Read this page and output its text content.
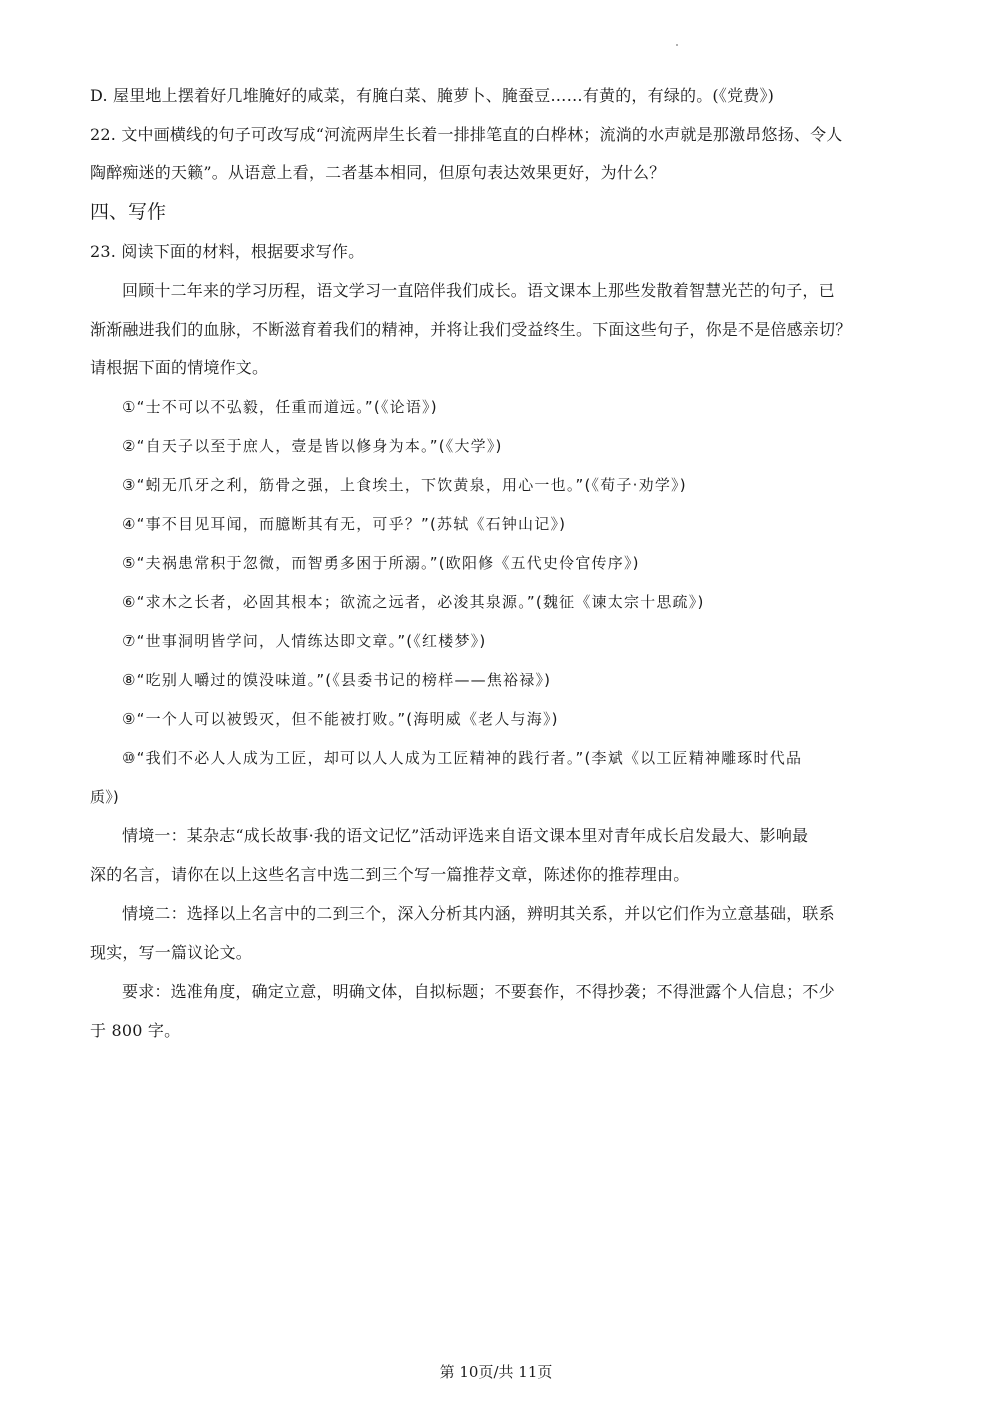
D. 屋里地上摆着好几堆腌好的咸菜，有腌白菜、腌萝卜、腌蚕豆……有黄的，有绿的。(《党费》)
22. 文中画横线的句子可改写成“河流两岸生长着一排排笔直的白桦林；流淌的水声就是那激昂悠扬、令人
陶醉痴迷的天籁”。从语意上看，二者基本相同，但原句表达效果更好，为什么？
四、写作
23. 阅读下面的材料，根据要求写作。
回顾十二年来的学习历程，语文学习一直陪伴我们成长。语文课本上那些发散着智慧光芒的句子，已
渐渐融进我们的血脉，不断滋育着我们的精神，并将让我们受益终生。下面这些句子，你是不是倍感亲切？
请根据下面的情境作文。
①“士不可以不弘毅，任重而道远。”(《论语》)
②“自天子以至于庶人，壹是皆以修身为本。”(《大学》)
③“蚓无爪牙之利，筋骨之强，上食埃土，下饮黄泉，用心一也。”(《荀子·劝学》)
④“事不目见耳闻，而臆断其有无，可乎？”(苏轼《石钟山记》)
⑤“夫祸患常积于忽微，而智勇多困于所溺。”(欧阳修《五代史伶官传序》)
⑥“求木之长者，必固其根本；欲流之远者，必浚其泉源。”(魏征《谏太宗十思疏》)
⑦“世事洞明皆学问，人情练达即文章。”(《红楼梦》)
⑧“吃别人嚼过的馍没味道。”(《县委书记的榜样——焦裕禄》)
⑨“一个人可以被毁灭，但不能被打败。”(海明威《老人与海》)
⑩“我们不必人人成为工匠，却可以人人成为工匠精神的践行者。”(李斌《以工匠精神雕琢时代品
质》)
情境一：某杂志“成长故事·我的语文记忆”活动评选来自语文课本里对青年成长启发最大、影响最
深的名言，请你在以上这些名言中选二到三个写一篇推荐文章，陈述你的推荐理由。
情境二：选择以上名言中的二到三个，深入分析其内涵，辨明其关系，并以它们作为立意基础，联系
现实，写一篇议论文。
要求：选准角度，确定立意，明确文体，自拟标题；不要套作，不得抄袭；不得泄露个人信息；不少
于 800 字。
第 10页/共 11页
